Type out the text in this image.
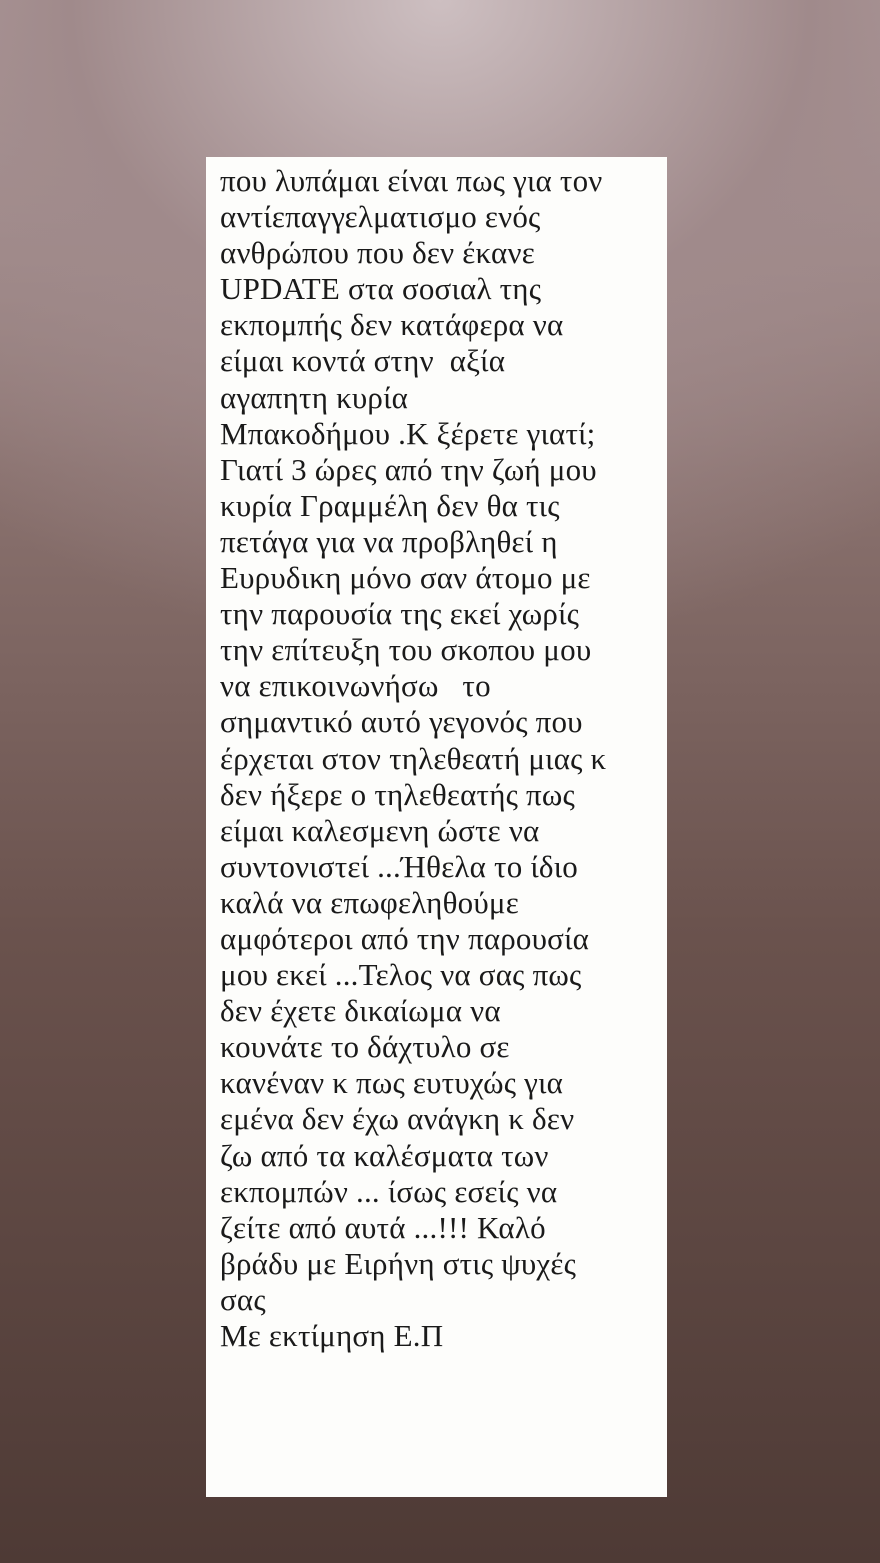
που λυπάμαι είναι πως για τον
αντίεπαγγελματισμο ενός
ανθρώπου που δεν έκανε
UPDATE στα σοσιαλ της
εκπομπής δεν κατάφερα να
είμαι κοντά στην  αξία
αγαπητη κυρία
Μπακοδήμου .Κ ξέρετε γιατί;
Γιατί 3 ώρες από την ζωή μου
κυρία Γραμμέλη δεν θα τις
πετάγα για να προβληθεί η
Ευρυδικη μόνο σαν άτομο με
την παρουσία της εκεί χωρίς
την επίτευξη του σκοπου μου
να επικοινωνήσω   το
σημαντικό αυτό γεγονός που
έρχεται στον τηλεθεατή μιας κ
δεν ήξερε ο τηλεθεατής πως
είμαι καλεσμενη ώστε να
συντονιστεί ...Ήθελα το ίδιο
καλά να επωφεληθούμε
αμφότεροι από την παρουσία
μου εκεί ...Τελος να σας πως
δεν έχετε δικαίωμα να
κουνάτε το δάχτυλο σε
κανέναν κ πως ευτυχώς για
εμένα δεν έχω ανάγκη κ δεν
ζω από τα καλέσματα των
εκπομπών ... ίσως εσείς να
ζείτε από αυτά ...!!! Καλό
βράδυ με Ειρήνη στις ψυχές
σας
Με εκτίμηση Ε.Π
